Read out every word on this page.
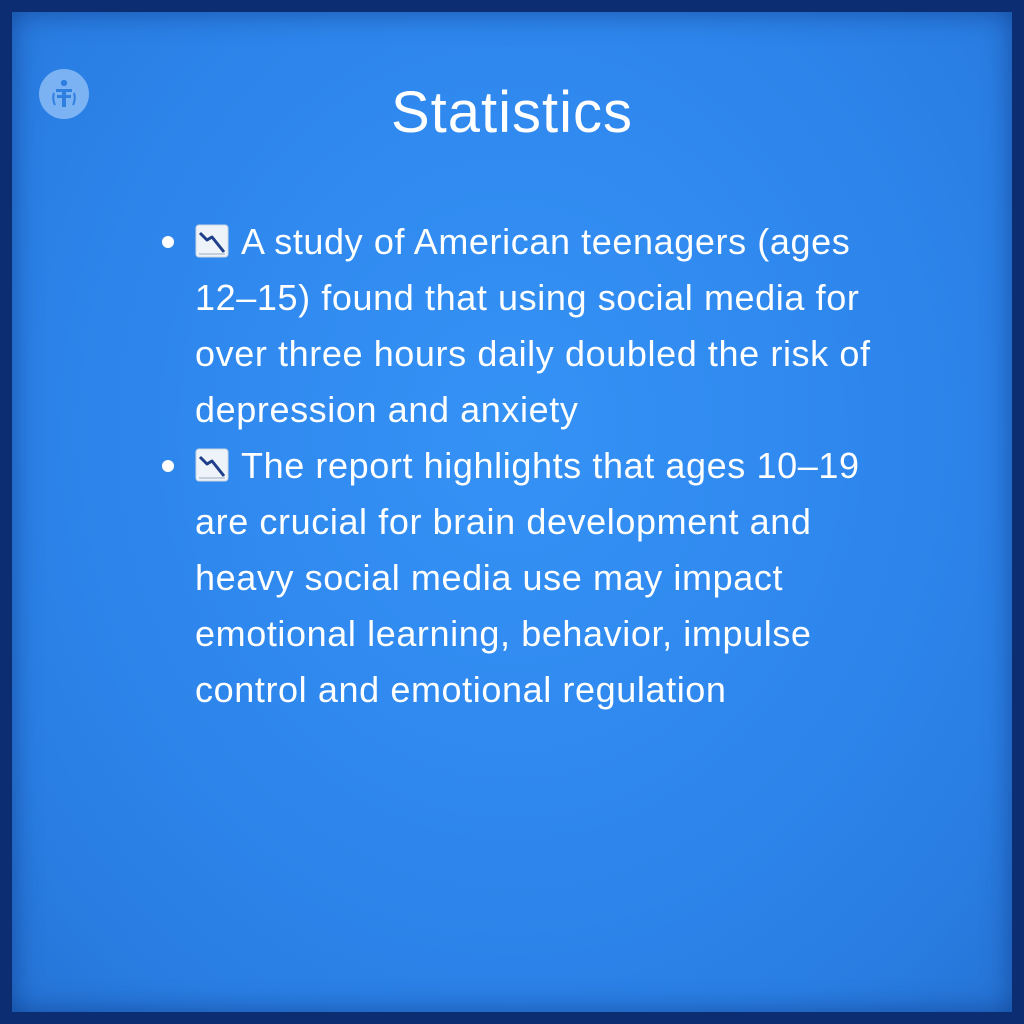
Statistics
A study of American teenagers (ages 12–15) found that using social media for over three hours daily doubled the risk of depression and anxiety
The report highlights that ages 10–19 are crucial for brain development and heavy social media use may impact emotional learning, behavior, impulse control and emotional regulation
